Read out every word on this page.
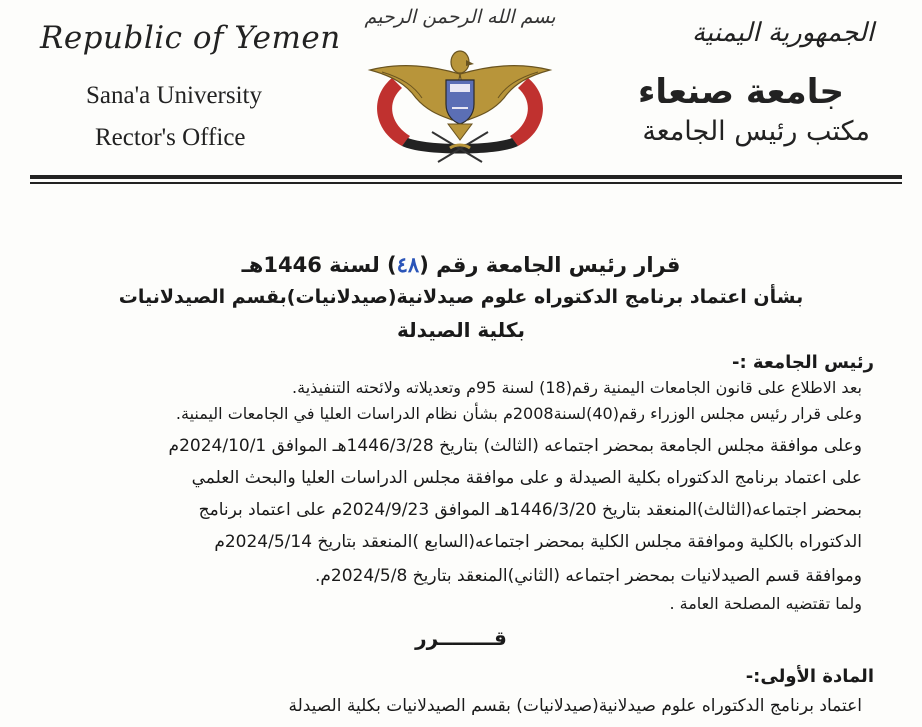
Republic of Yemen
Sana'a University
Rector's Office
الجمهورية اليمنية
جامعة صنعاء
مكتب رئيس الجامعة
بسم الله الرحمن الرحيم
قرار رئيس الجامعة رقم (٤٨) لسنة 1446هـ
بشأن اعتماد برنامج الدكتوراه علوم صيدلانية(صيدلانيات)بقسم الصيدلانيات
بكلية الصيدلة
رئيس الجامعة :-
بعد الاطلاع على قانون الجامعات اليمنية رقم(18) لسنة 95م وتعديلاته ولائحته التنفيذية.
وعلى قرار رئيس مجلس الوزراء رقم(40)لسنة2008م بشأن نظام الدراسات العليا في الجامعات اليمنية.
وعلى موافقة مجلس الجامعة بمحضر اجتماعه (الثالث) بتاريخ 1446/3/28هـ الموافق 2024/10/1م
على اعتماد برنامج الدكتوراه بكلية الصيدلة و على موافقة مجلس الدراسات العليا والبحث العلمي
بمحضر اجتماعه(الثالث)المنعقد بتاريخ 1446/3/20هـ الموافق 2024/9/23م على اعتماد برنامج
الدكتوراه بالكلية وموافقة مجلس الكلية بمحضر اجتماعه(السابع )المنعقد بتاريخ 2024/5/14م
وموافقة قسم الصيدلانيات بمحضر اجتماعه (الثاني)المنعقد بتاريخ 2024/5/8م.
ولما تقتضيه المصلحة العامة .
قــــــــرر
المادة الأولى:-
اعتماد برنامج الدكتوراه علوم صيدلانية(صيدلانيات) بقسم الصيدلانيات بكلية الصيدلة
